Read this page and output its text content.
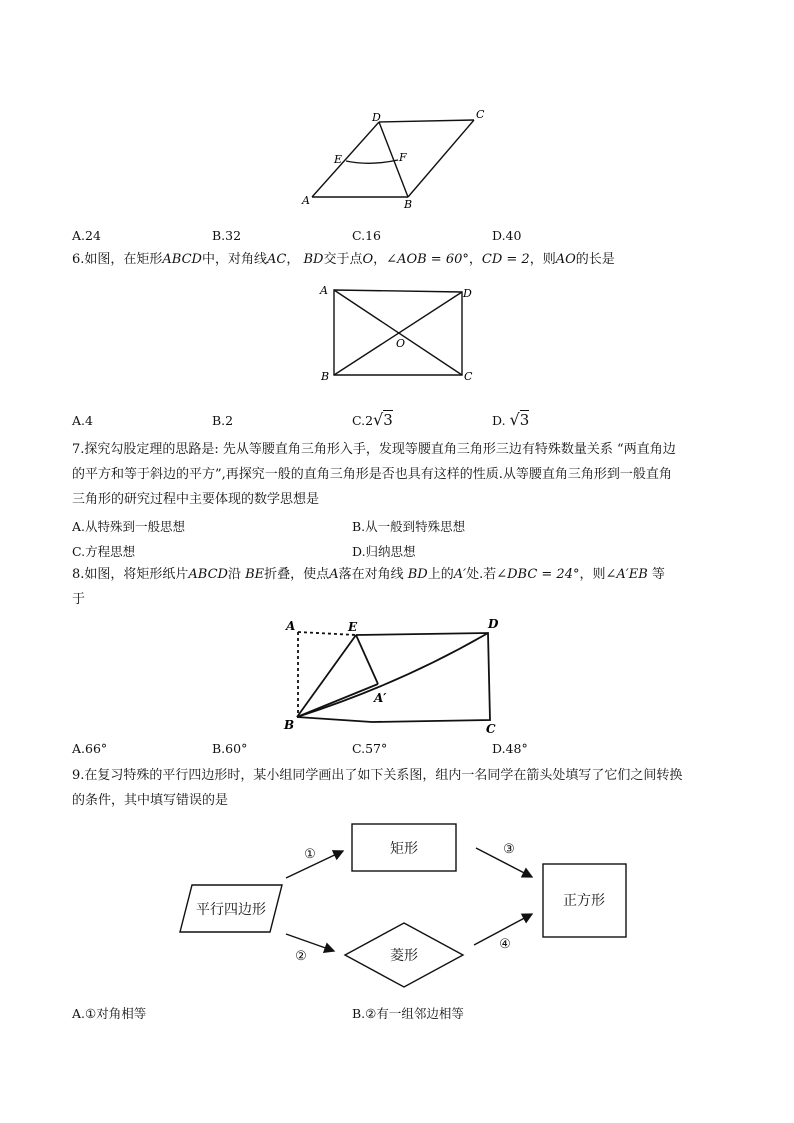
D	C
E	F
A	B
A.24	B.32	C.16	D.40
6.如图，在矩形ABCD中，对角线AC， BD交于点O，∠AOB = 60°，CD = 2，则AO的长是
A	D
O
B	C
A.4	B.2	C.2√3	D. √3
7.探究勾股定理的思路是: 先从等腰直角三角形入手，发现等腰直角三角形三边有特殊数量关系 “两直角边
的平方和等于斜边的平方”,再探究一般的直角三角形是否也具有这样的性质.从等腰直角三角形到一般直角
三角形的研究过程中主要体现的数学思想是
A.从特殊到一般思想	B.从一般到特殊思想
C.方程思想	D.归纳思想
8.如图，将矩形纸片ABCD沿 BE折叠，使点A落在对角线 BD上的A′处.若∠DBC = 24°，则∠A′EB 等
于
A	E	D
A′
B	C
A.66°	B.60°	C.57°	D.48°
9.在复习特殊的平行四边形时，某小组同学画出了如下关系图，组内一名同学在箭头处填写了它们之间转换
的条件，其中填写错误的是
平行四边形
矩形
菱形
正方形
①
②
③
④
A.①对角相等	B.②有一组邻边相等
